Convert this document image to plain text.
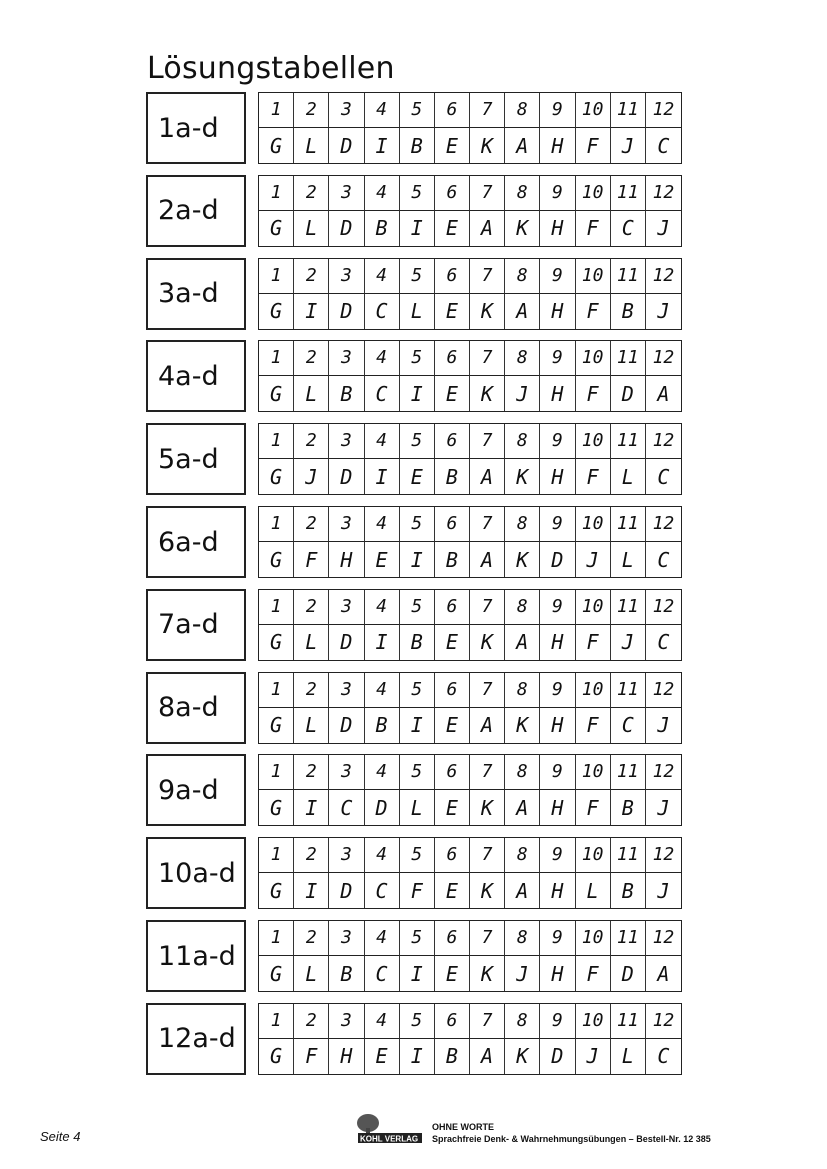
Lösungstabellen
1a-d
1	2	3	4	5	6	7	8	9	10 11 12
G	L	D	I	B	E	K	A	H	F	J	C
2a-d
1	2	3	4	5	6	7	8	9	10 11 12
G	L	D	B	I	E	A	K	H	F	C	J
3a-d
1	2	3	4	5	6	7	8	9	10 11 12
G	I	D	C	L	E	K	A	H	F	B	J
4a-d
1	2	3	4	5	6	7	8	9	10 11 12
G	L	B	C	I	E	K	J	H	F	D	A
5a-d
1	2	3	4	5	6	7	8	9	10 11 12
G	J	D	I	E	B	A	K	H	F	L	C
6a-d
1	2	3	4	5	6	7	8	9	10 11 12
G	F	H	E	I	B	A	K	D	J	L	C
7a-d
1	2	3	4	5	6	7	8	9	10 11 12
G	L	D	I	B	E	K	A	H	F	J	C
8a-d
1	2	3	4	5	6	7	8	9	10 11 12
G	L	D	B	I	E	A	K	H	F	C	J
9a-d
1	2	3	4	5	6	7	8	9	10 11 12
G	I	C	D	L	E	K	A	H	F	B	J
10a-d
1	2	3	4	5	6	7	8	9	10 11 12
G	I	D	C	F	E	K	A	H	L	B	J
11a-d
1	2	3	4	5	6	7	8	9	10 11 12
G	L	B	C	I	E	K	J	H	F	D	A
12a-d
1	2	3	4	5	6	7	8	9	10 11 12
G	F	H	E	I	B	A	K	D	J	L	C
Seite 4	KOHL VERLAG
OHNE WORTE
Sprachfreie Denk- & Wahrnehmungsübungen – Bestell-Nr. 12 385
